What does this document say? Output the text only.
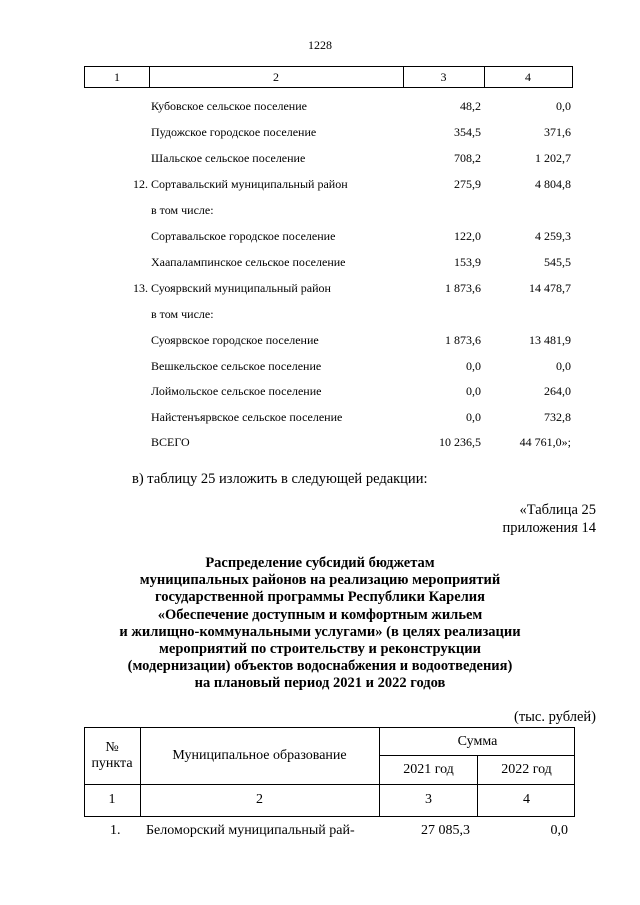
1228
1	2	3	4
Кубовское сельское поселение	48,2	0,0
Пудожское городское поселение	354,5	371,6
Шальское сельское поселение	708,2	1 202,7
12. Сортавальский муниципальный район	275,9	4 804,8
в том числе:
Сортавальское городское поселение	122,0	4 259,3
Хаапалампинское сельское поселение	153,9	545,5
13. Суоярвский муниципальный район	1 873,6	14 478,7
в том числе:
Суоярвское городское поселение	1 873,6	13 481,9
Вешкельское сельское поселение	0,0	0,0
Лоймольское сельское поселение	0,0	264,0
Найстенъярвское сельское поселение	0,0	732,8
ВСЕГО	10 236,5	44 761,0»;
в) таблицу 25 изложить в следующей редакции:
«Таблица 25
приложения 14
Распределение субсидий бюджетам
муниципальных районов на реализацию мероприятий
государственной программы Республики Карелия
«Обеспечение доступным и комфортным жильем
и жилищно-коммунальными услугами» (в целях реализации
мероприятий по строительству и реконструкции
(модернизации) объектов водоснабжения и водоотведения)
на плановый период 2021 и 2022 годов
(тыс. рублей)
№
пункта
Муниципальное образование
Сумма
2021 год	2022 год
1	2	3	4
1. Беломорский муниципальный рай-	27 085,3	0,0
